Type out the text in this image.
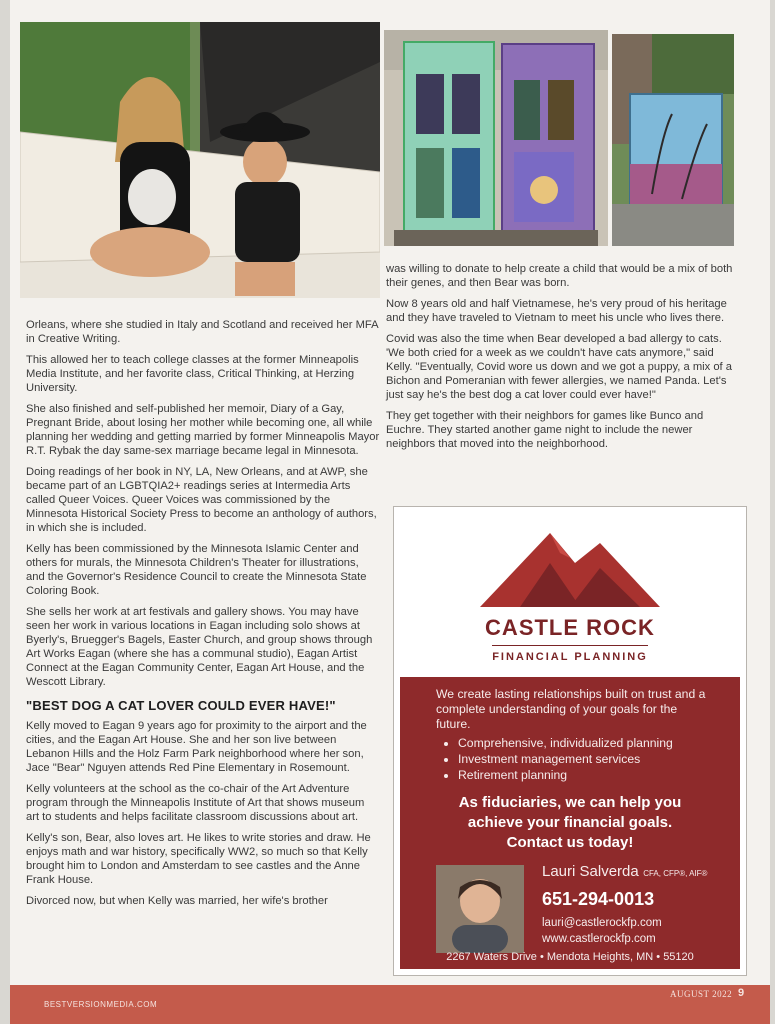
Orleans, where she studied in Italy and Scotland and received her MFA in Creative Writing.

This allowed her to teach college classes at the former Minneapolis Media Institute, and her favorite class, Critical Thinking, at Herzing University.

She also finished and self-published her memoir, Diary of a Gay, Pregnant Bride, about losing her mother while becoming one, all while planning her wedding and getting married by former Minneapolis Mayor R.T. Rybak the day same-sex marriage became legal in Minnesota.

Doing readings of her book in NY, LA, New Orleans, and at AWP, she became part of an LGBTQIA2+ readings series at Intermedia Arts called Queer Voices. Queer Voices was commissioned by the Minnesota Historical Society Press to become an anthology of authors, in which she is included.

Kelly has been commissioned by the Minnesota Islamic Center and others for murals, the Minnesota Children's Theater for illustrations, and the Governor's Residence Council to create the Minnesota State Coloring Book.

She sells her work at art festivals and gallery shows. You may have seen her work in various locations in Eagan including solo shows at Byerly's, Bruegger's Bagels, Easter Church, and group shows through Art Works Eagan (where she has a communal studio), Eagan Artist Connect at the Eagan Community Center, Eagan Art House, and the Wescott Library.

"BEST DOG A CAT LOVER COULD EVER HAVE!"

Kelly moved to Eagan 9 years ago for proximity to the airport and the cities, and the Eagan Art House. She and her son live between Lebanon Hills and the Holz Farm Park neighborhood where her son, Jace "Bear" Nguyen attends Red Pine Elementary in Rosemount.

Kelly volunteers at the school as the co-chair of the Art Adventure program through the Minneapolis Institute of Art that shows museum art to students and helps facilitate classroom discussions about art.

Kelly's son, Bear, also loves art. He likes to write stories and draw. He enjoys math and war history, specifically WW2, so much so that Kelly brought him to London and Amsterdam to see castles and the Anne Frank House.

Divorced now, but when Kelly was married, her wife's brother

was willing to donate to help create a child that would be a mix of both their genes, and then Bear was born.

Now 8 years old and half Vietnamese, he's very proud of his heritage and they have traveled to Vietnam to meet his uncle who lives there.

Covid was also the time when Bear developed a bad allergy to cats. 'We both cried for a week as we couldn't have cats anymore," said Kelly. "Eventually, Covid wore us down and we got a puppy, a mix of a Bichon and Pomeranian with fewer allergies, we named Panda. Let's just say he's the best dog a cat lover could ever have!"

They get together with their neighbors for games like Bunco and Euchre. They started another game night to include the newer neighbors that moved into the neighborhood.

CASTLE ROCK
FINANCIAL PLANNING
We create lasting relationships built on trust and a complete understanding of your goals for the future.
• Comprehensive, individualized planning
• Investment management services
• Retirement planning
As fiduciaries, we can help you
achieve your financial goals.
Contact us today!
Lauri Salverda CFA, CFP®, AIF®
651-294-0013
lauri@castlerockfp.com
www.castlerockfp.com
2267 Waters Drive • Mendota Heights, MN • 55120
BESTVERSIONMEDIA.COM
AUGUST 2022 9
